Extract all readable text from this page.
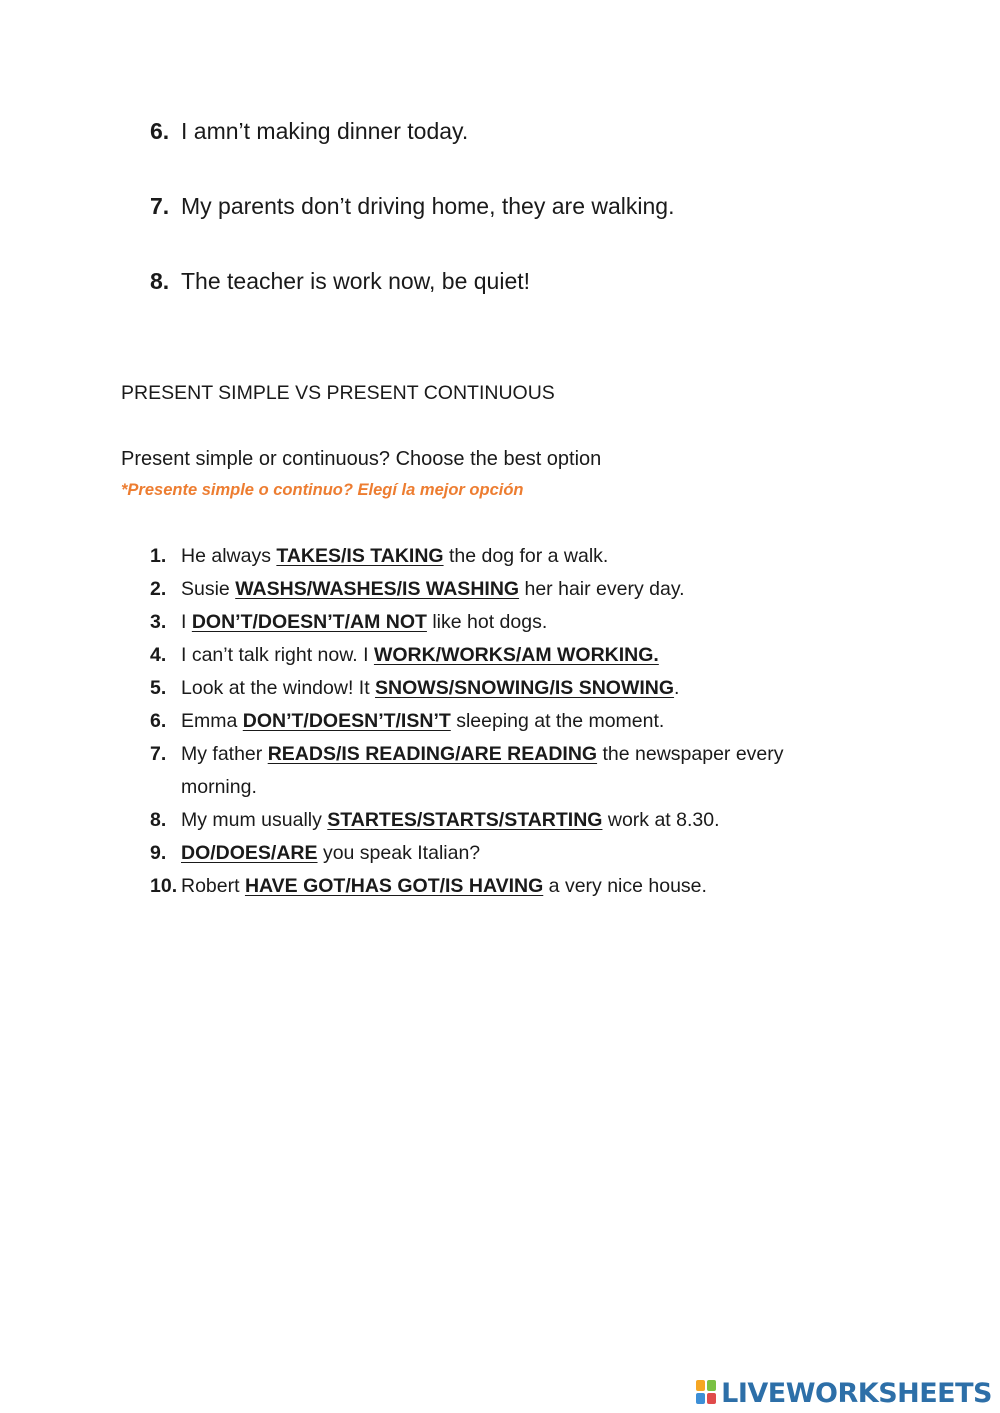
6. I amn’t making dinner today.
7. My parents don’t driving home, they are walking.
8. The teacher is work now, be quiet!
PRESENT SIMPLE VS PRESENT CONTINUOUS
Present simple or continuous? Choose the best option
*Presente simple o continuo? Elegí la mejor opción
1. He always TAKES/IS TAKING the dog for a walk.
2. Susie WASHS/WASHES/IS WASHING her hair every day.
3. I DON’T/DOESN’T/AM NOT like hot dogs.
4. I can’t talk right now. I WORK/WORKS/AM WORKING.
5. Look at the window! It SNOWS/SNOWING/IS SNOWING.
6. Emma DON’T/DOESN’T/ISN’T sleeping at the moment.
7. My father READS/IS READING/ARE READING the newspaper every morning.
8. My mum usually STARTES/STARTS/STARTING work at 8.30.
9. DO/DOES/ARE you speak Italian?
10. Robert HAVE GOT/HAS GOT/IS HAVING a very nice house.
LIVEWORKSHEETS
